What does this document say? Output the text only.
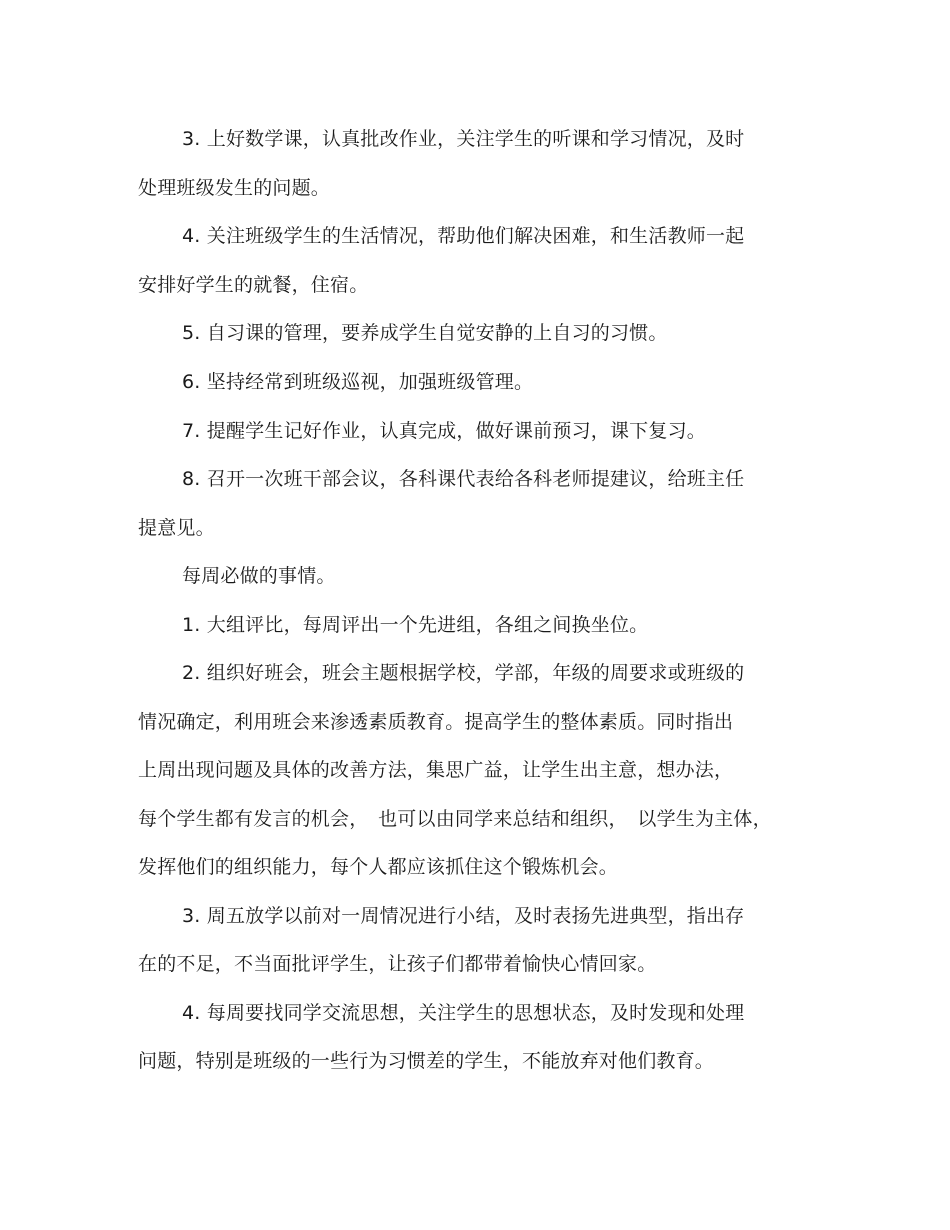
3. 上好数学课，认真批改作业，关注学生的听课和学习情况，及时
处理班级发生的问题。
4. 关注班级学生的生活情况，帮助他们解决困难，和生活教师一起
安排好学生的就餐，住宿。
5. 自习课的管理，要养成学生自觉安静的上自习的习惯。
6. 坚持经常到班级巡视，加强班级管理。
7. 提醒学生记好作业，认真完成，做好课前预习，课下复习。
8. 召开一次班干部会议，各科课代表给各科老师提建议，给班主任
提意见。
每周必做的事情。
1. 大组评比，每周评出一个先进组，各组之间换坐位。
2. 组织好班会，班会主题根据学校，学部，年级的周要求或班级的
情况确定，利用班会来渗透素质教育。提高学生的整体素质。同时指出
上周出现问题及具体的改善方法，集思广益，让学生出主意，想办法，
每个学生都有发言的机会，　也可以由同学来总结和组织，　以学生为主体，
发挥他们的组织能力，每个人都应该抓住这个锻炼机会。
3. 周五放学以前对一周情况进行小结，及时表扬先进典型，指出存
在的不足，不当面批评学生，让孩子们都带着愉快心情回家。
4. 每周要找同学交流思想，关注学生的思想状态，及时发现和处理
问题，特别是班级的一些行为习惯差的学生，不能放弃对他们教育。
